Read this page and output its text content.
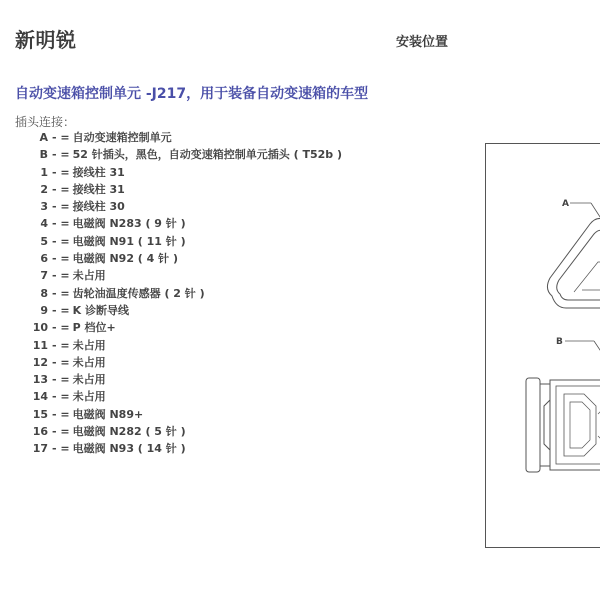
新明锐	安装位置
自动变速箱控制单元 -J217，用于装备自动变速箱的车型
插头连接：
A - = 自动变速箱控制单元
B - = 52 针插头，黑色，自动变速箱控制单元插头 ( T52b )
1 - = 接线柱 31
2 - = 接线柱 31
3 - = 接线柱 30
4 - = 电磁阀 N283 ( 9 针 )
5 - = 电磁阀 N91 ( 11 针 )
6 - = 电磁阀 N92 ( 4 针 )
7 - = 未占用
8 - = 齿轮油温度传感器 ( 2 针 )
9 - = K 诊断导线
10 - = P 档位+
11 - = 未占用
12 - = 未占用
13 - = 未占用
14 - = 未占用
15 - = 电磁阀 N89+
16 - = 电磁阀 N282 ( 5 针 )
17 - = 电磁阀 N93 ( 14 针 )
A
B
